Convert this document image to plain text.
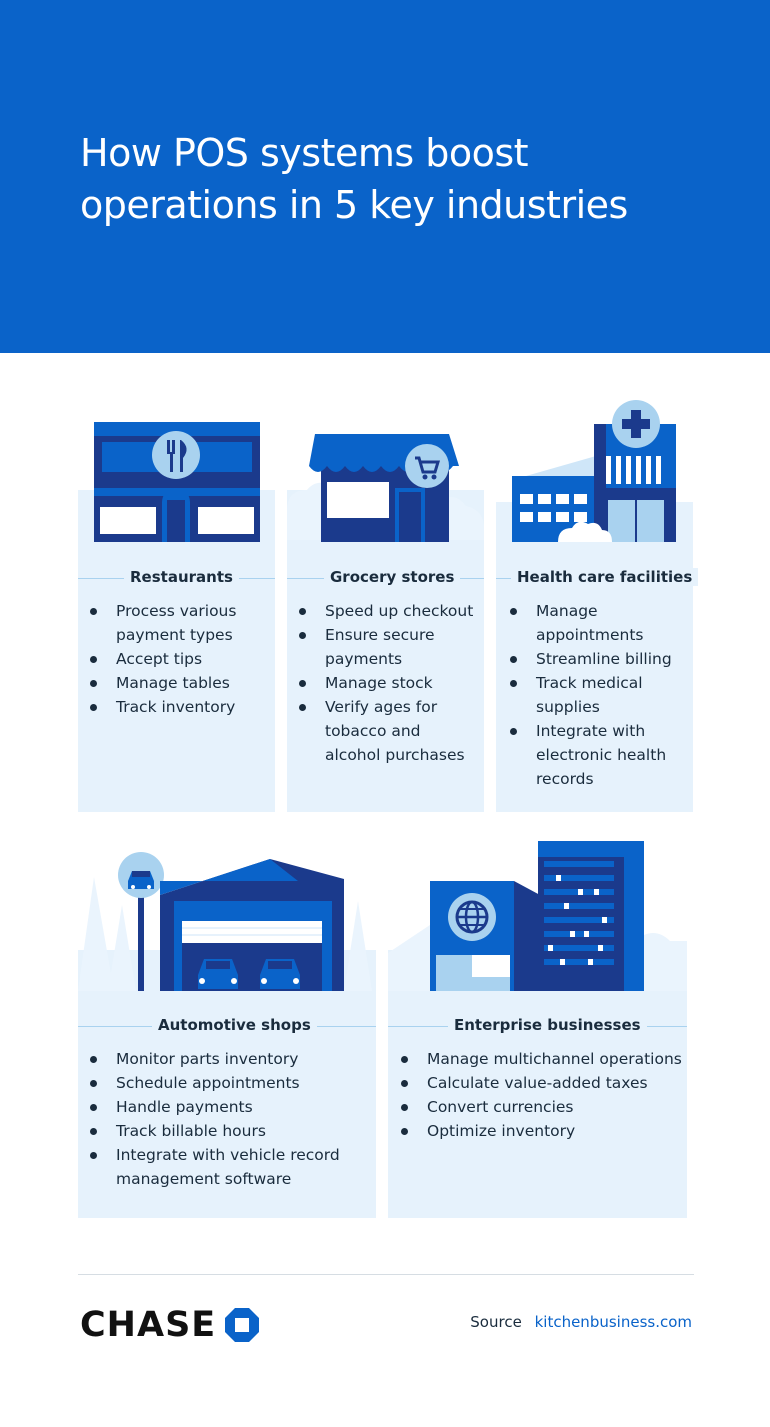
How POS systems boost
operations in 5 key industries
Restaurants
Process various payment types
Accept tips
Manage tables
Track inventory
Grocery stores
Speed up checkout
Ensure secure payments
Manage stock
Verify ages for tobacco and alcohol purchases
Health care facilities
Manage appointments
Streamline billing
Track medical supplies
Integrate with electronic health records
Automotive shops
Monitor parts inventory
Schedule appointments
Handle payments
Track billable hours
Integrate with vehicle record management software
Enterprise businesses
Manage multichannel operations
Calculate value-added taxes
Convert currencies
Optimize inventory
CHASE	Source kitchenbusiness.com
